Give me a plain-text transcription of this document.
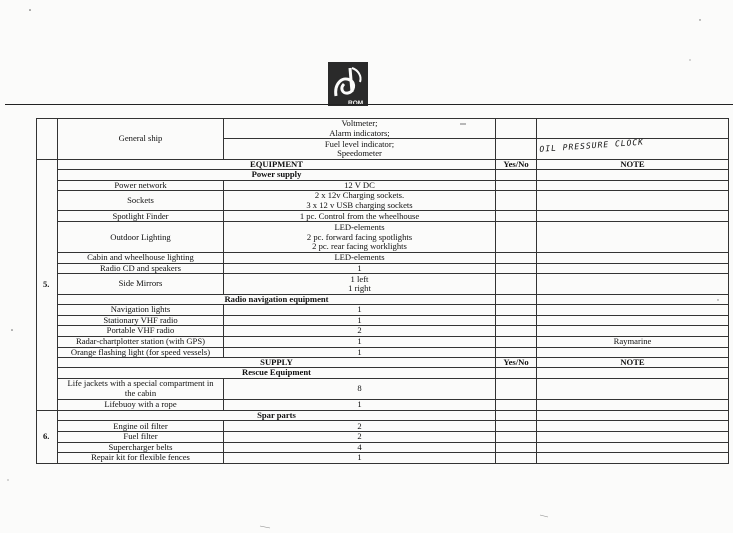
ROM
	General ship	Voltmeter;
Alarm indicators;		
		Fuel level indicator;
Speedometer		OIL PRESSURE CLOCK
5.	EQUIPMENT		Yes/No	NOTE
	Power supply			
	Power network	12 V DC		
	Sockets	2 x 12v Charging sockets.
3 x 12 v USB charging sockets		
	Spotlight Finder	1 pc. Control from the wheelhouse		
	Outdoor Lighting	LED-elements
2 pc. forward facing spotlights
2 pc. rear facing worklights		
	Cabin and wheelhouse lighting	LED-elements		
	Radio CD and speakers	1		
	Side Mirrors	1 left
1 right		
	Radio navigation equipment			
	Navigation lights	1		
	Stationary VHF radio	1		
	Portable VHF radio	2		
	Radar-chartplotter station (with GPS)	1		Raymarine
	Orange flashing light (for speed vessels)	1		
	SUPPLY		Yes/No	NOTE
	Rescue Equipment			
	Life jackets with a special compartment in
the cabin	8		
	Lifebuoy with a rope	1		
6.	Spar parts			
	Engine oil filter	2		
	Fuel filter	2		
	Supercharger belts	4		
	Repair kit for flexible fences	1		
